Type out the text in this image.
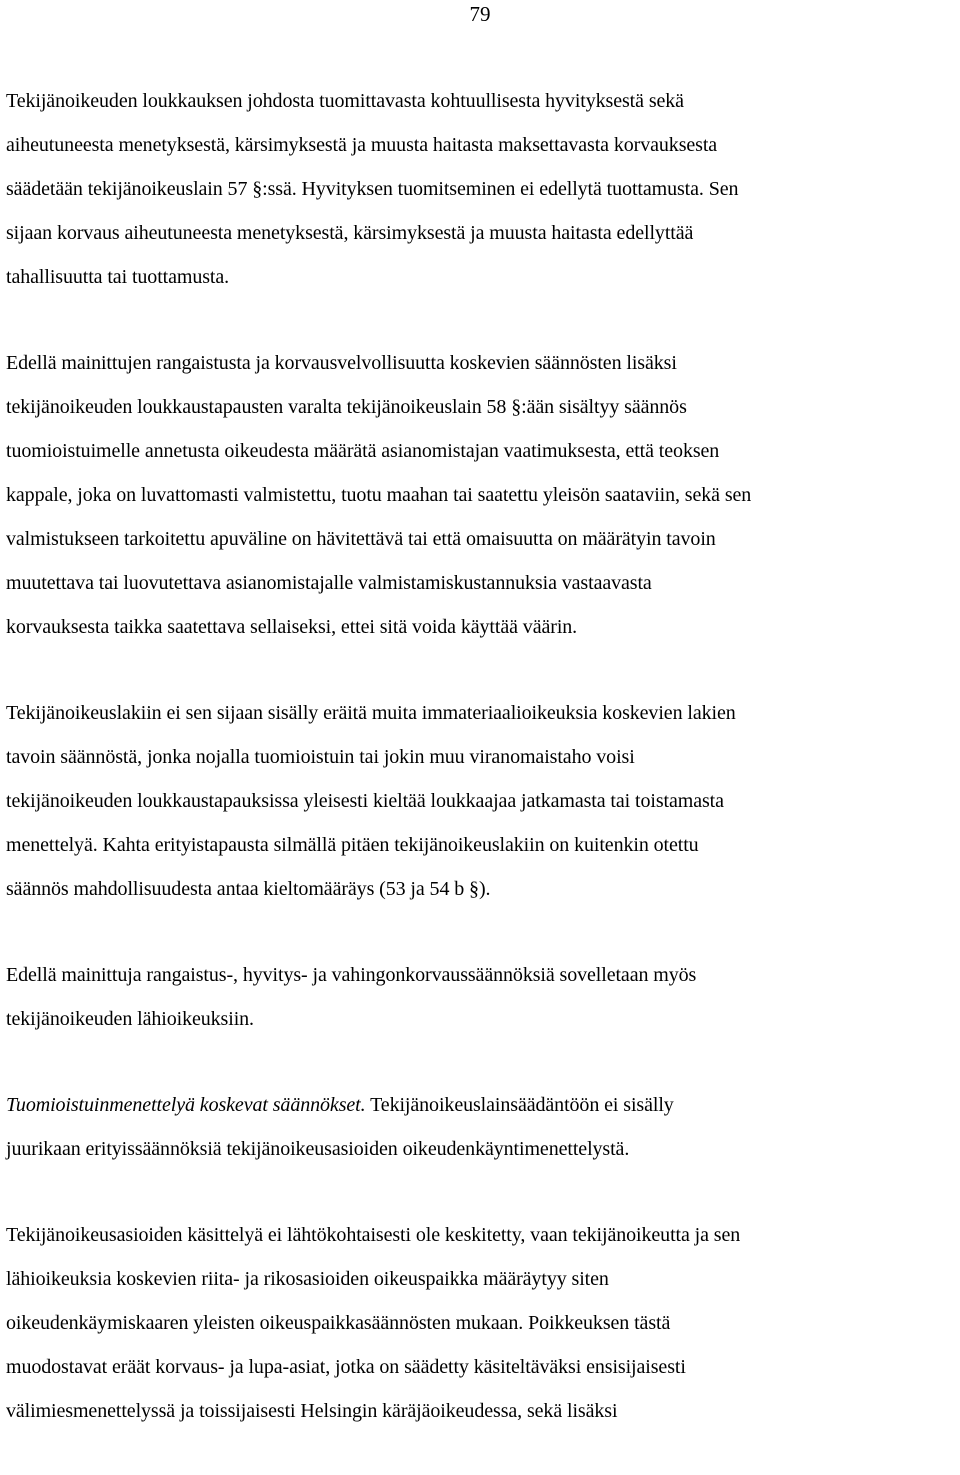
79

Tekijänoikeuden loukkauksen johdosta tuomittavasta kohtuullisesta hyvityksestä sekä
aiheutuneesta menetyksestä, kärsimyksestä ja muusta haitasta maksettavasta korvauksesta
säädetään tekijänoikeuslain 57 §:ssä. Hyvityksen tuomitseminen ei edellytä tuottamusta. Sen
sijaan korvaus aiheutuneesta menetyksestä, kärsimyksestä ja muusta haitasta edellyttää
tahallisuutta tai tuottamusta.

Edellä mainittujen rangaistusta ja korvausvelvollisuutta koskevien säännösten lisäksi
tekijänoikeuden loukkaustapausten varalta tekijänoikeuslain 58 §:ään sisältyy säännös
tuomioistuimelle annetusta oikeudesta määrätä asianomistajan vaatimuksesta, että teoksen
kappale, joka on luvattomasti valmistettu, tuotu maahan tai saatettu yleisön saataviin, sekä sen
valmistukseen tarkoitettu apuväline on hävitettävä tai että omaisuutta on määrätyin tavoin
muutettava tai luovutettava asianomistajalle valmistamiskustannuksia vastaavasta
korvauksesta taikka saatettava sellaiseksi, ettei sitä voida käyttää väärin.

Tekijänoikeuslakiin ei sen sijaan sisälly eräitä muita immateriaalioikeuksia koskevien lakien
tavoin säännöstä, jonka nojalla tuomioistuin tai jokin muu viranomaistaho voisi
tekijänoikeuden loukkaustapauksissa yleisesti kieltää loukkaajaa jatkamasta tai toistamasta
menettelyä. Kahta erityistapausta silmällä pitäen tekijänoikeuslakiin on kuitenkin otettu
säännös mahdollisuudesta antaa kieltomääräys (53 ja 54 b §).

Edellä mainittuja rangaistus-, hyvitys- ja vahingonkorvaussäännöksiä sovelletaan myös
tekijänoikeuden lähioikeuksiin.

Tuomioistuinmenettelyä koskevat säännökset. Tekijänoikeuslainsäädäntöön ei sisälly
juurikaan erityissäännöksiä tekijänoikeusasioiden oikeudenkäyntimenettelystä.

Tekijänoikeusasioiden käsittelyä ei lähtökohtaisesti ole keskitetty, vaan tekijänoikeutta ja sen
lähioikeuksia koskevien riita- ja rikosasioiden oikeuspaikka määräytyy siten
oikeudenkäymiskaaren yleisten oikeuspaikkasäännösten mukaan. Poikkeuksen tästä
muodostavat eräät korvaus- ja lupa-asiat, jotka on säädetty käsiteltäväksi ensisijaisesti
välimiesmenettelyssä ja toissijaisesti Helsingin käräjäoikeudessa, sekä lisäksi
